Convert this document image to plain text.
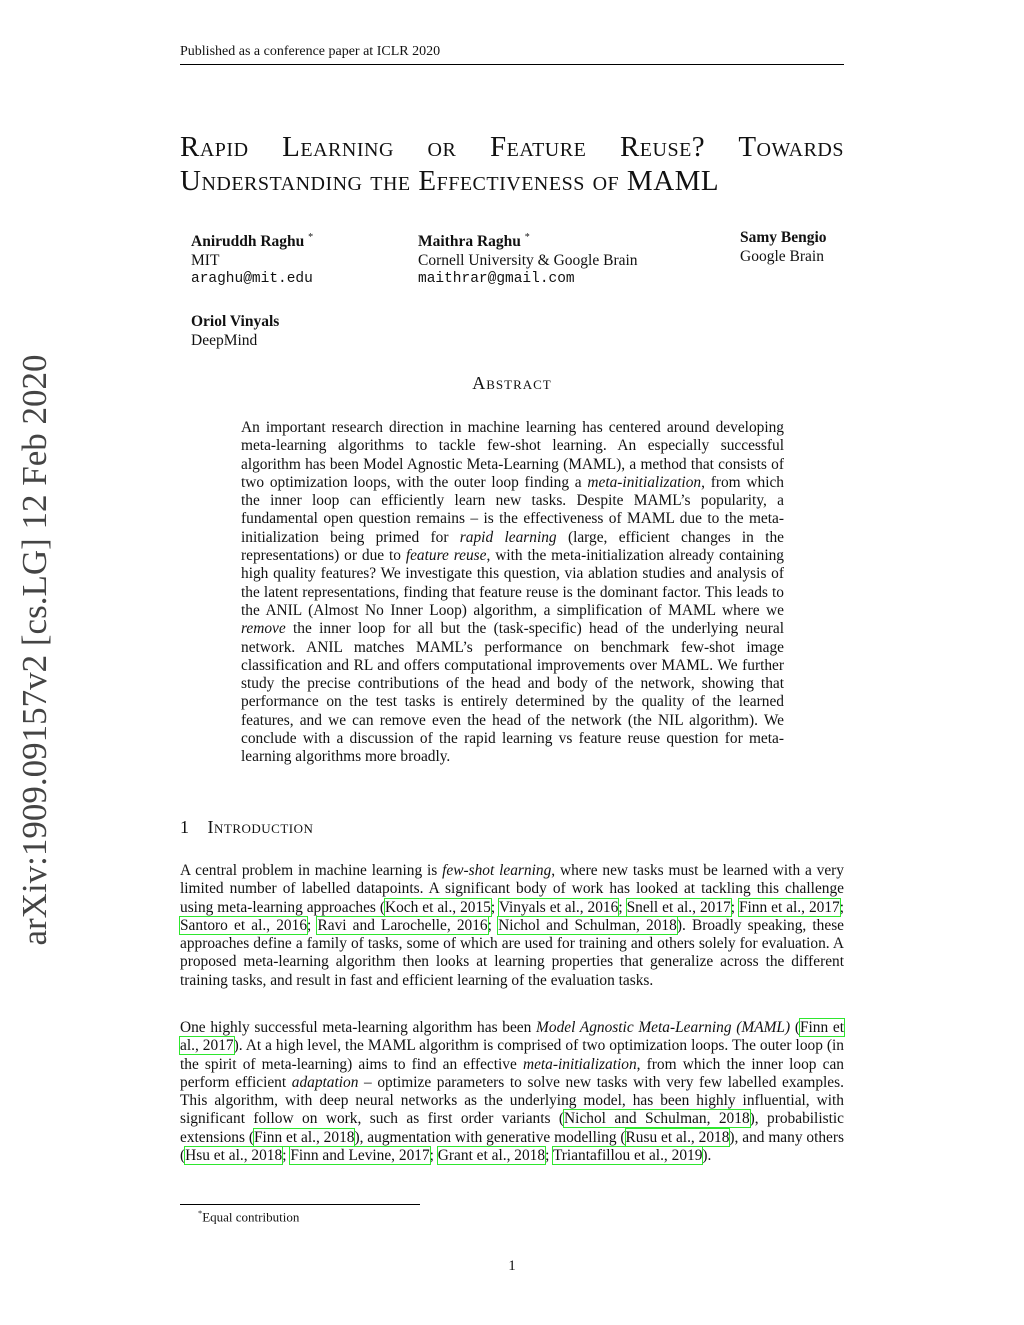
Published as a conference paper at ICLR 2020
arXiv:1909.09157v2 [cs.LG] 12 Feb 2020
Rapid Learning or Feature Reuse? Towards
Understanding the Effectiveness of MAML
Aniruddh Raghu *
MIT
araghu@mit.edu
Maithra Raghu *
Cornell University & Google Brain
maithrar@gmail.com
Samy Bengio
Google Brain
Oriol Vinyals
DeepMind
Abstract
An important research direction in machine learning has centered around developing meta-learning algorithms to tackle few-shot learning. An especially successful algorithm has been Model Agnostic Meta-Learning (MAML), a method that consists of two optimization loops, with the outer loop finding a meta-initialization, from which the inner loop can efficiently learn new tasks. Despite MAML’s popularity, a fundamental open question remains – is the effectiveness of MAML due to the meta-initialization being primed for rapid learning (large, efficient changes in the representations) or due to feature reuse, with the meta-initialization already containing high quality features? We investigate this question, via ablation studies and analysis of the latent representations, finding that feature reuse is the dominant factor. This leads to the ANIL (Almost No Inner Loop) algorithm, a simplification of MAML where we remove the inner loop for all but the (task-specific) head of the underlying neural network. ANIL matches MAML’s performance on benchmark few-shot image classification and RL and offers computational improvements over MAML. We further study the precise contributions of the head and body of the network, showing that performance on the test tasks is entirely determined by the quality of the learned features, and we can remove even the head of the network (the NIL algorithm). We conclude with a discussion of the rapid learning vs feature reuse question for meta-learning algorithms more broadly.
1 Introduction
A central problem in machine learning is few-shot learning, where new tasks must be learned with a very limited number of labelled datapoints. A significant body of work has looked at tackling this challenge using meta-learning approaches (Koch et al., 2015; Vinyals et al., 2016; Snell et al., 2017; Finn et al., 2017; Santoro et al., 2016; Ravi and Larochelle, 2016; Nichol and Schulman, 2018). Broadly speaking, these approaches define a family of tasks, some of which are used for training and others solely for evaluation. A proposed meta-learning algorithm then looks at learning properties that generalize across the different training tasks, and result in fast and efficient learning of the evaluation tasks.
One highly successful meta-learning algorithm has been Model Agnostic Meta-Learning (MAML) (Finn et al., 2017). At a high level, the MAML algorithm is comprised of two optimization loops. The outer loop (in the spirit of meta-learning) aims to find an effective meta-initialization, from which the inner loop can perform efficient adaptation – optimize parameters to solve new tasks with very few labelled examples. This algorithm, with deep neural networks as the underlying model, has been highly influential, with significant follow on work, such as first order variants (Nichol and Schulman, 2018), probabilistic extensions (Finn et al., 2018), augmentation with generative modelling (Rusu et al., 2018), and many others (Hsu et al., 2018; Finn and Levine, 2017; Grant et al., 2018; Triantafillou et al., 2019).
*Equal contribution
1
